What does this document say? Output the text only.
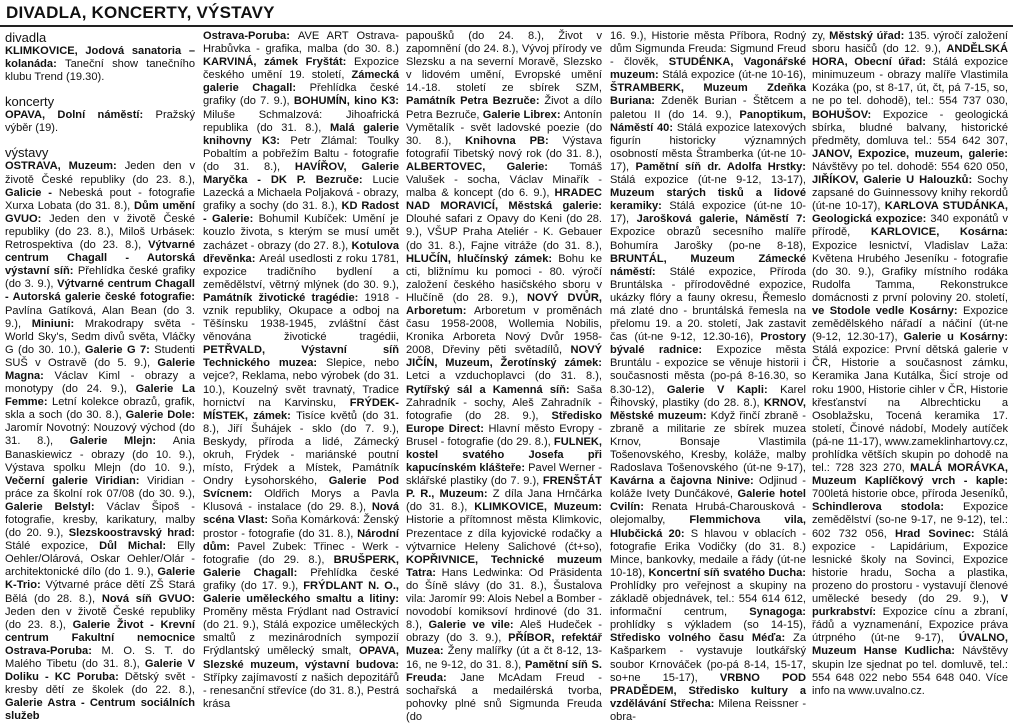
DIVADLA, KONCERTY, VÝSTAVY
divadla

KLIMKOVICE, Jodová sanatoria – kolanáda: Taneční show tanečního klubu Trend (19.30).

koncerty

OPAVA, Dolní náměstí: Pražský výběr (19).

výstavy

OSTRAVA, Muzeum: Jeden den v životě České republiky (do 23. 8.), Galicie - Nebeská pout - fotografie Xurxa Lobata (do 31. 8.), Dům umění GVUO: Jeden den v životě České republiky (do 23. 8.), Miloš Urbásek: Retrospektiva (do 23. 8.), Výtvarné centrum Chagall - Autorská výstavní síň: Přehlídka české grafiky (do 3. 9.), Výtvarné centrum Chagall - Autorská galerie české fotografie: Pavlína Gatíková, Alan Bean (do 3. 9.), Miniuni: Mrakodrapy světa - World Sky's, Sedm divů světa, Vláčky G (do 30. 10.), Galerie G 7: Studenti SUŠ v Ostravě (do 5. 9.), Galerie Magna: Václav Kiml - obrazy a monotypy (do 24. 9.), Galerie La Femme: Letní kolekce obrazů, grafik, skla a soch (do 30. 8.), Galerie Dole: Jaromír Novotný: Nouzový východ (do 31. 8.), Galerie Mlejn: Ania Banaskiewicz - obrazy (do 10. 9.), Výstava spolku Mlejn (do 10. 9.), Večerní galerie Viridian: Viridian - práce za školní rok 07/08 (do 30. 9.), Galerie Belstyl: Václav Šipoš - fotografie, kresby, karikatury, malby (do 20. 9.), Slezskoostravský hrad: Stálé expozice, Důl Michal: Elly Oehler/Olárová, Oskar Oehler/Olár - architektonické dílo (do 1. 9.), Galerie K-Trio: Výtvarné práce dětí ZŠ Stará Bělá (do 28. 8.), Nová síň GVUO: Jeden den v životě České republiky (do 23. 8.), Galerie Život - Krevní centrum Fakultní nemocnice Ostrava-Poruba: M. O. S. T. do Malého Tibetu (do 31. 8.), Galerie V Doliku - KC Poruba: Dětský svět - kresby dětí ze školek (do 22. 8.), Galerie Astra - Centrum sociálních služeb

Ostrava-Poruba: AVE ART Ostrava-Hrabůvka - grafika, malba (do 30. 8.) KARVINÁ, zámek Fryštát: Expozice českého umění 19. století, Zámecká galerie Chagall: Přehlídka české grafiky (do 7. 9.), BOHUMÍN, kino K3: Miluše Schmalzová: Jihoafrická republika (do 31. 8.), Malá galerie knihovny K3: Petr Zlámal: Toulky Pobaltím a pobřežím Baltu - fotografie (do 31. 8.), HAVÍŘOV, Galerie Maryčka - DK P. Bezruče: Lucie Lazecká a Michaela Poljaková - obrazy, grafiky a sochy (do 31. 8.), KD Radost - Galerie: Bohumil Kubíček: Umění je kouzlo života, s kterým se musí umět zacházet - obrazy (do 27. 8.), Kotulova dřevěnka: Areál usedlosti z roku 1781, expozice tradičního bydlení a zemědělství, větrný mlýnek (do 30. 9.), Památník životické tragédie: 1918 - vznik republiky, Okupace a odboj na Těšínsku 1938-1945, zvláštní část věnována životické tragédii, PETŘVALD, Výstavní síň Technického muzea: Slepice, nebo vejce?, Reklama, nebo výrobek (do 31. 10.), Kouzelný svět travnatý, Tradice hornictví na Karvinsku, FRÝDEK-MÍSTEK, zámek: Tisíce květů (do 31. 8.), Jiří Šuhájek - sklo (do 7. 9.), Beskydy, příroda a lidé, Zámecký okruh, Frýdek - mariánské poutní místo, Frýdek a Místek, Památník Ondry Łysohorského, Galerie Pod Svícnem: Oldřich Morys a Pavla Klusová - instalace (do 29. 8.), Nová scéna Vlast: Soňa Komárková: Ženský prostor - fotografie (do 31. 8.), Národní dům: Pavel Zubek: Třinec - Werk - fotografie (do 29. 8.), BRUŠPERK, Galerie Chagall: Přehlídka české grafiky (do 17. 9.), FRÝDLANT N. O., Galerie uměleckého smaltu a litiny: Proměny města Frýdlant nad Ostravicí (do 21. 9.), Stálá expozice uměleckých smaltů z mezinárodních sympozií Frýdlantský umělecký smalt, OPAVA, Slezské muzeum, výstavní budova: Střípky zajímavostí z našich depozitářů - renesanční střevíce (do 31. 8.), Pestrá krása

papoušků (do 24. 8.), Život v zapomnění (do 24. 8.), Vývoj přírody ve Slezsku a na severní Moravě, Slezsko v lidovém umění, Evropské umění 14.-18. století ze sbírek SZM, Památník Petra Bezruče: Život a dílo Petra Bezruče, Galerie Librex: Antonín Vymětalík - svět ladovské poezie (do 30. 8.), Knihovna PB: Výstava fotografií Tibetský nový rok (do 31. 8.), ALBERTOVEC, Galerie: Tomáš Valušek - socha, Václav Minařík - malba & koncept (do 6. 9.), HRADEC NAD MORAVICÍ, Městská galerie: Dlouhé safari z Opavy do Keni (do 28. 9.), VŠUP Praha Ateliér - K. Gebauer (do 31. 8.), Fajne vitráže (do 31. 8.), HLUČÍN, hlučínský zámek: Bohu ke cti, bližnímu ku pomoci - 80. výročí založení českého hasičského sboru v Hlučíně (do 28. 9.), NOVÝ DVŮR, Arboretum: Arboretum v proměnách času 1958-2008, Wollemia Nobilis, Kronika Arboreta Nový Dvůr 1958-2008, Dřeviny pěti světadílů, NOVÝ JIČÍN, Muzeum, Žerotínský zámek: Letci a vzduchoplavci (do 31. 8.), Rytířský sál a Kamenná síň: Saša Zahradník - sochy, Aleš Zahradník - fotografie (do 28. 9.), Středisko Europe Direct: Hlavní město Evropy - Brusel - fotografie (do 29. 8.), FULNEK, kostel svatého Josefa při kapucínském klášteře: Pavel Werner - sklářské plastiky (do 7. 9.), FRENŠTÁT P. R., Muzeum: Z díla Jana Hrnčárka (do 31. 8.), KLIMKOVICE, Muzeum: Historie a přítomnost města Klimkovic, Prezentace z díla kyjovické rodačky a výtvarnice Heleny Salichové (ćt+so), KOPŘIVNICE, Technické muzeum Tatra: Hans Ledwinka: Od Präsidenta do Šíně slávy (do 31. 8.), Šustalova vila: Jaromír 99: Alois Nebel a Bomber - novodobí komiksoví hrdinové (do 31. 8.), Galerie ve vile: Aleš Hudeček - obrazy (do 3. 9.), PŘÍBOR, refektář Muzea: Ženy malířky (út a čt 8-12, 13-16, ne 9-12, do 31. 8.), Pamětní síň S. Freuda: Jane McAdam Freud - sochařská a medailérská tvorba, pohovky plné snů Sigmunda Freuda (do

16. 9.), Historie města Příbora, Rodný dům Sigmunda Freuda: Sigmund Freud - člověk, STUDÉNKA, Vagonářské muzeum: Stálá expozice (út-ne 10-16), ŠTRAMBERK, Muzeum Zdeňka Buriana: Zdeněk Burian - Štětcem a paletou II (do 14. 9.), Panoptikum, Náměstí 40: Stálá expozice latexových figurín historicky významných osobností města Štramberka (út-ne 10-17), Pamětní síň dr. Adolfa Hrstky: Stálá expozice (út-ne 9-12, 13-17), Muzeum starých tisků a lidové keramiky: Stálá expozice (út-ne 10-17), Jarošková galerie, Náměstí 7: Expozice obrazů secesního malíře Bohumíra Jarošky (po-ne 8-18), BRUNTÁL, Muzeum Zámecké náměstí: Stálé expozice, Příroda Bruntálska - přírodovědné expozice, ukázky flóry a fauny okresu, Řemeslo má zlaté dno - bruntálská řemesla na přelomu 19. a 20. století, Jak zastavit čas (út-ne 9-12, 12.30-16), Prostory bývalé radnice: Expozice města Bruntálu - expozice se věnuje historii i současnosti města (po-pá 8-16.30, so 8.30-12), Galerie V Kapli: Karel Řihovský, plastiky (do 28. 8.), KRNOV, Městské muzeum: Když řinčí zbraně - zbraně a militarie ze sbírek muzea Krnov, Bonsaje Vlastimila Tošenovského, Kresby, koláže, malby Radoslava Tošenovského (út-ne 9-17), Kavárna a čajovna Ninive: Odjinud - koláže Ivety Dunčákové, Galerie hotel Cvilín: Renata Hrubá-Charousková - olejomalby, Flemmichova vila, Hlubčická 20: S hlavou v oblacích - fotografie Erika Vodičky (do 31. 8.) Mince, bankovky, medaile a řády (út-ne 10-18), Koncertní síň svatého Ducha: Prohlídky pro veřejnost a skupiny na základě objednávek, tel.: 554 614 612, informační centrum, Synagoga: prohlídky s výkladem (so 14-15), Středisko volného času Méďa: Za Kašparkem - vystavuje loutkářský soubor Krnováček (po-pá 8-14, 15-17, so+ne 15-17), VRBNO POD PRADĚDEM, Středisko kultury a vzdělávání Střecha: Milena Reissner - obra-

zy, Městský úřad: 135. výročí založení sboru hasičů (do 12. 9.), ANDĚLSKÁ HORA, Obecní úřad: Stálá expozice minimuzeum - obrazy malíře Vlastimila Kozáka (po, st 8-17, út, čt, pá 7-15, so, ne po tel. dohodě), tel.: 554 737 030, BOHUŠOV: Expozice - geologická sbírka, bludné balvany, historické předměty, domluva tel.: 554 642 307, JANOV, Expozice, muzeum, galerie: Návštěvy po tel. dohodě: 554 620 050, JIŘÍKOV, Galerie U Halouzků: Sochy zapsané do Guinnessovy knihy rekordů (út-ne 10-17), KARLOVA STUDÁNKA, Geologická expozice: 340 exponátů v přírodě, KARLOVICE, Kosárna: Expozice lesnictví, Vladislav Laža: Květena Hrubého Jeseníku - fotografie (do 30. 9.), Grafiky místního rodáka Rudolfa Tamma, Rekonstrukce domácnosti z první poloviny 20. století, ve Stodole vedle Kosárny: Expozice zemědělského nářadí a náčiní (út-ne (9-12, 12.30-17), Galerie u Kosárny: Stálá expozice: První dětská galerie v ČR, Historie a současnost zámku, Keramika Jana Kutálka, Šicí stroje od roku 1900, Historie cihler v ČR, Historie křesťanství na Albrechticku a Osoblažsku, Tocená keramika 17. století, Činové nádobí, Modely autíček (pá-ne 11-17), www.zameklinhartovy.cz, prohlídka větších skupin po dohodě na tel.: 728 323 270, MALÁ MORÁVKA, Muzeum Kaplíčkový vrch - kaple: 700letá historie obce, příroda Jeseníků, Schindlerova stodola: Expozice zemědělství (so-ne 9-17, ne 9-12), tel.: 602 732 056, Hrad Sovinec: Stálá expozice - Lapidárium, Expozice lesnické školy na Sovinci, Expozice historie hradu, Socha a plastika, prozeno do prostoru - vystavují členové umělecké besedy (do 29. 9.), V purkrabství: Expozice cínu a zbraní, řádů a vyznamenání, Expozice práva útrpného (út-ne 9-17), ÚVALNO, Muzeum Hanse Kudlicha: Návštěvy skupin lze sjednat po tel. domluvě, tel.: 554 648 022 nebo 554 648 040. Více info na www.uvalno.cz.
